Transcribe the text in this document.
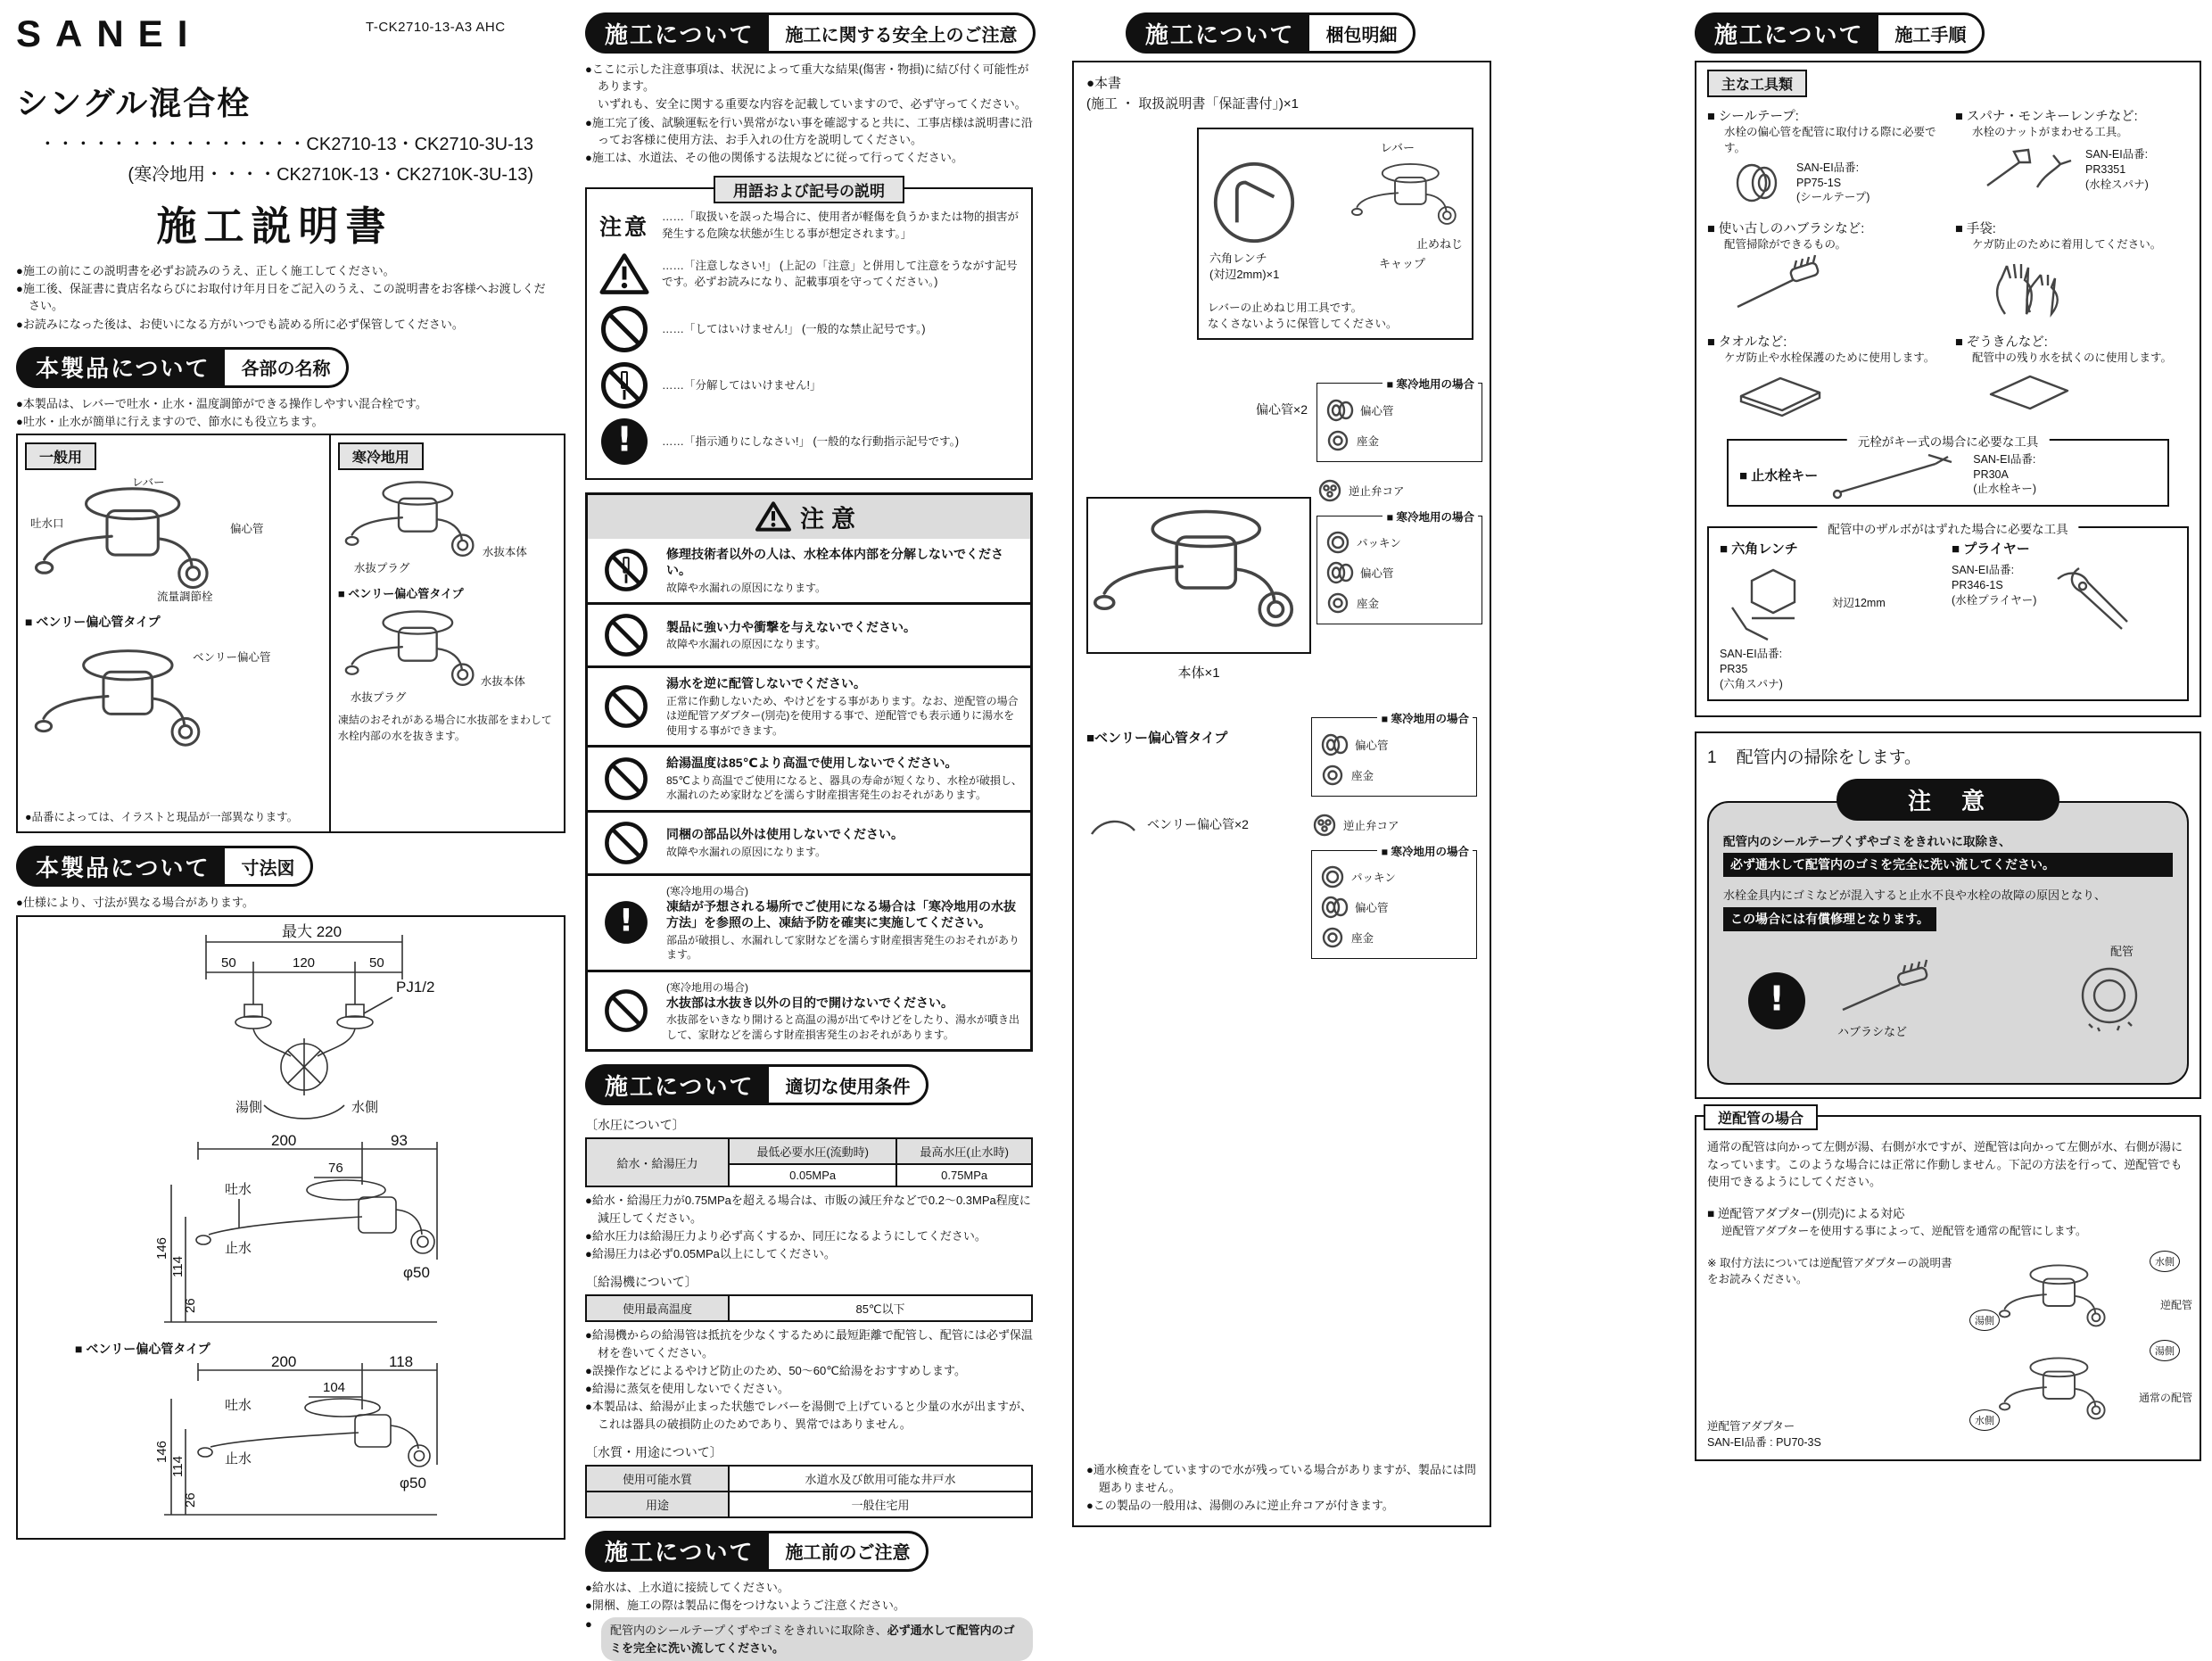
SANEI	T-CK2710-13-A3 AHC
シングル混合栓
・・・・・・・・・・・・・・・CK2710-13・CK2710-3U-13
(寒冷地用・・・・CK2710K-13・CK2710K-3U-13)
施工説明書
●施工の前にこの説明書を必ずお読みのうえ、正しく施工してください。
●施工後、保証書に貴店名ならびにお取付け年月日をご記入のうえ、この説明書をお客様へお渡しください。
●お読みになった後は、お使いになる方がいつでも読める所に必ず保管してください。
本製品について	各部の名称
●本製品は、レバーで吐水・止水・温度調節ができる操作しやすい混合栓です。
●吐水・止水が簡単に行えますので、節水にも役立ちます。
一般用
レバー
偏心管
吐水口
流量調節栓
■ ベンリー偏心管タイプ
ベンリー偏心管
●品番によっては、イラストと現品が一部異なります。
寒冷地用
水抜プラグ
水抜本体
■ ベンリー偏心管タイプ
水抜プラグ
水抜本体
凍結のおそれがある場合に水抜部をまわして水栓内部の水を抜きます。
本製品について	寸法図
●仕様により、寸法が異なる場合があります。
最大 220
50	120	50
PJ1/2
湯側	水側
200	93
76
吐水
止水
146
114
26
φ50
■ ベンリー偏心管タイプ
200	118
104
吐水
止水
146
114
26
φ50
施工について	施工に関する安全上のご注意
●ここに示した注意事項は、状況によって重大な結果(傷害・物損)に結び付く可能性があります。
いずれも、安全に関する重要な内容を記載していますので、必ず守ってください。
●施工完了後、試験運転を行い異常がない事を確認すると共に、工事店様は説明書に沿ってお客様に使用方法、お手入れの仕方を説明してください。
●施工は、水道法、その他の関係する法規などに従って行ってください。
用語および記号の説明
注意	……「取扱いを誤った場合に、使用者が軽傷を負うかまたは物的損害が発生する危険な状態が生じる事が想定されます。」
……「注意しなさい!」 (上記の「注意」と併用して注意をうながす記号です。必ずお読みになり、記載事項を守ってください。)
……「してはいけません!」 (一般的な禁止記号です。)
……「分解してはいけません!」
!
……「指示通りにしなさい!」 (一般的な行動指示記号です。)
注意
修理技術者以外の人は、水栓本体内部を分解しないでください。
故障や水漏れの原因になります。
製品に強い力や衝撃を与えないでください。
故障や水漏れの原因になります。
湯水を逆に配管しないでください。
正常に作動しないため、やけどをする事があります。なお、逆配管の場合は逆配管アダプター(別売)を使用する事で、逆配管でも表示通りに湯水を使用する事ができます。
給湯温度は85℃より高温で使用しないでください。
85℃より高温でご使用になると、器具の寿命が短くなり、水栓が破損し、水漏れのため家財などを濡らす財産損害発生のおそれがあります。
同梱の部品以外は使用しないでください。
故障や水漏れの原因になります。
!
(寒冷地用の場合)
凍結が予想される場所でご使用になる場合は「寒冷地用の水抜方法」を参照の上、凍結予防を確実に実施してください。
部品が破損し、水漏れして家財などを濡らす財産損害発生のおそれがあります。
(寒冷地用の場合)
水抜部は水抜き以外の目的で開けないでください。
水抜部をいきなり開けると高温の湯が出てやけどをしたり、湯水が噴き出して、家財などを濡らす財産損害発生のおそれがあります。
施工について	適切な使用条件
〔水圧について〕
給水・給湯圧力	最低必要水圧(流動時)	最高水圧(止水時)
	0.05MPa	0.75MPa
●給水・給湯圧力が0.75MPaを超える場合は、市販の減圧弁などで0.2〜0.3MPa程度に減圧してください。
●給水圧力は給湯圧力より必ず高くするか、同圧になるようにしてください。
●給湯圧力は必ず0.05MPa以上にしてください。
〔給湯機について〕
使用最高温度	85℃以下
●給湯機からの給湯管は抵抗を少なくするために最短距離で配管し、配管には必ず保温材を巻いてください。
●誤操作などによるやけど防止のため、50〜60℃給湯をおすすめします。
●給湯に蒸気を使用しないでください。
●本製品は、給湯が止まった状態でレバーを湯側で上げていると少量の水が出ますが、これは器具の破損防止のためであり、異常ではありません。
〔水質・用途について〕
使用可能水質	水道水及び飲用可能な井戸水
用途	一般住宅用
施工について	施工前のご注意
●給水は、上水道に接続してください。
●開梱、施工の際は製品に傷をつけないようご注意ください。
●	配管内のシールテープくずやゴミをきれいに取除き、必ず通水して配管内のゴミを完全に洗い流してください。
施工について	梱包明細
●本書
(施工 ・ 取扱説明書「保証書付」)×1
レバー
止めねじ
キャップ
六角レンチ
(対辺2mm)×1
レバーの止めねじ用工具です。
なくさないように保管してください。
偏心管×2
本体×1
■ 寒冷地用の場合
偏心管
座金
逆止弁コア
■ 寒冷地用の場合
パッキン
偏心管
座金
■ベンリー偏心管タイプ
ベンリー偏心管×2
■ 寒冷地用の場合
偏心管
座金
逆止弁コア
■ 寒冷地用の場合
パッキン
偏心管
座金
●通水検査をしていますので水が残っている場合がありますが、製品には問題ありません。
●この製品の一般用は、湯側のみに逆止弁コアが付きます。
施工について	施工手順
主な工具類
■ シールテープ:
水栓の偏心管を配管に取付ける際に必要です。
SAN-EI品番:
PP75-1S
(シールテープ)
■ スパナ・モンキーレンチなど:
水栓のナットがまわせる工具。
SAN-EI品番:
PR3351
(水栓スパナ)
■ 使い古しのハブラシなど:
配管掃除ができるもの。
■ 手袋:
ケガ防止のために着用してください。
■ タオルなど:
ケガ防止や水栓保護のために使用します。
■ ぞうきんなど:
配管中の残り水を拭くのに使用します。
元栓がキー式の場合に必要な工具
■ 止水栓キー
SAN-EI品番:
PR30A
(止水栓キー)
配管中のザルボがはずれた場合に必要な工具
■ 六角レンチ
対辺12mm
SAN-EI品番:
PR35
(六角スパナ)
■ プライヤー
SAN-EI品番:
PR346-1S
(水栓プライヤー)
1 配管内の掃除をします。
注　意
配管内のシールテープくずやゴミをきれいに取除き、
必ず通水して配管内のゴミを完全に洗い流してください。
水栓金具内にゴミなどが混入すると止水不良や水栓の故障の原因となり、
この場合には有償修理となります。
!
配管
ハブラシなど
逆配管の場合
通常の配管は向かって左側が湯、右側が水ですが、逆配管は向かって左側が水、右側が湯になっています。このような場合には正常に作動しません。下記の方法を行って、逆配管でも使用できるようにしてください。
■ 逆配管アダプター(別売)による対応
逆配管アダプターを使用する事によって、逆配管を通常の配管にします。
※ 取付方法については逆配管アダプターの説明書をお読みください。
水側
湯側
逆配管
湯側
通常の配管
水側
逆配管アダプター
SAN-EI品番 : PU70-3S
